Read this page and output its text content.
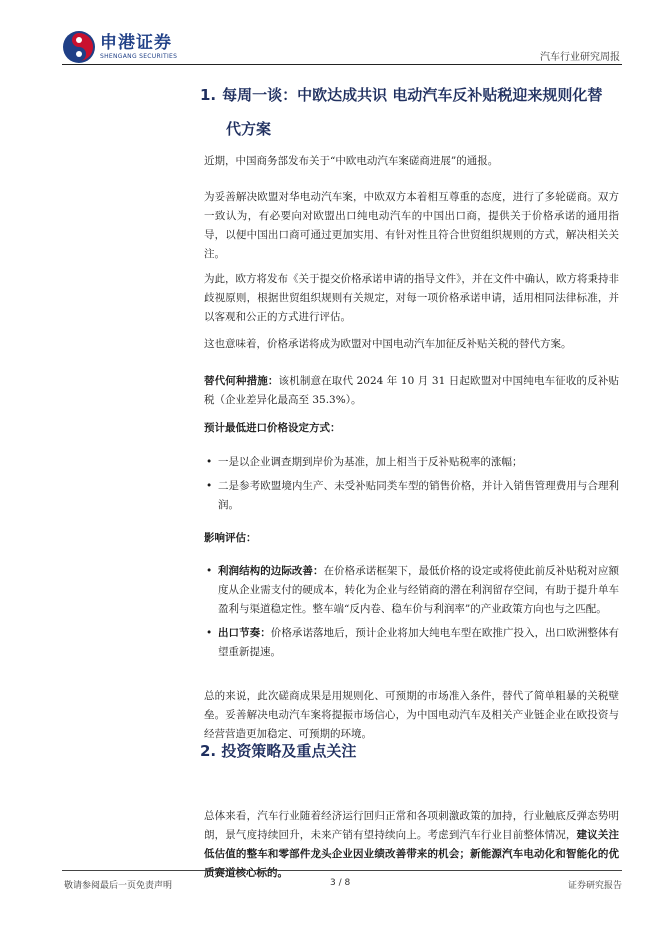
申港证券
SHENGANG SECURITIES	汽车行业研究周报
1. 每周一谈：中欧达成共识 电动汽车反补贴税迎来规则化替
代方案

近期，中国商务部发布关于“中欧电动汽车案磋商进展”的通报。

为妥善解决欧盟对华电动汽车案，中欧双方本着相互尊重的态度，进行了多轮磋商。双方一致认为，有必要向对欧盟出口纯电动汽车的中国出口商，提供关于价格承诺的通用指导，以便中国出口商可通过更加实用、有针对性且符合世贸组织规则的方式，解决相关关注。

为此，欧方将发布《关于提交价格承诺申请的指导文件》，并在文件中确认，欧方将秉持非歧视原则，根据世贸组织规则有关规定，对每一项价格承诺申请，适用相同法律标准，并以客观和公正的方式进行评估。

这也意味着，价格承诺将成为欧盟对中国电动汽车加征反补贴关税的替代方案。

替代何种措施：该机制意在取代 2024 年 10 月 31 日起欧盟对中国纯电车征收的反补贴税（企业差异化最高至 35.3%）。

预计最低进口价格设定方式：

• 一是以企业调查期到岸价为基准，加上相当于反补贴税率的涨幅；
• 二是参考欧盟境内生产、未受补贴同类车型的销售价格，并计入销售管理费用与合理利润。

影响评估：

• 利润结构的边际改善：在价格承诺框架下，最低价格的设定或将使此前反补贴税对应额度从企业需支付的硬成本，转化为企业与经销商的潜在利润留存空间，有助于提升单车盈利与渠道稳定性。整车端“反内卷、稳车价与利润率”的产业政策方向也与之匹配。
• 出口节奏：价格承诺落地后，预计企业将加大纯电车型在欧推广投入，出口欧洲整体有望重新提速。

总的来说，此次磋商成果是用规则化、可预期的市场准入条件，替代了简单粗暴的关税壁垒。妥善解决电动汽车案将提振市场信心，为中国电动汽车及相关产业链企业在欧投资与经营营造更加稳定、可预期的环境。

2. 投资策略及重点关注

总体来看，汽车行业随着经济运行回归正常和各项刺激政策的加持，行业触底反弹态势明朗，景气度持续回升，未来产销有望持续向上。考虑到汽车行业目前整体情况，建议关注低估值的整车和零部件龙头企业因业绩改善带来的机会；新能源汽车电动化和智能化的优质赛道核心标的。

敬请参阅最后一页免责声明	3 / 8	证券研究报告
